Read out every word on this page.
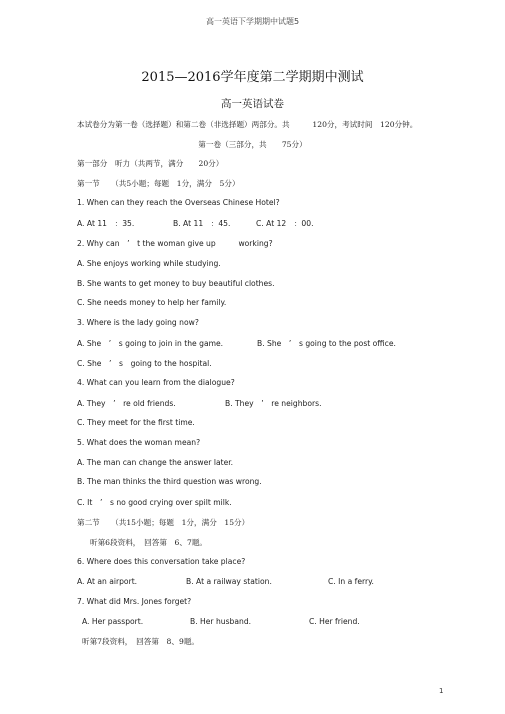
高一英语下学期期中试题5
2015—2016学年度第二学期期中测试
高一英语试卷
本试卷分为第一卷（选择题）和第二卷（非选择题）两部分。共　　　120分，考试时间　120分钟。
第一卷（三部分，共　　75分）
第一部分　听力（共两节，满分　　20分）
第一节　　（共5小题；每题　1分，满分　5分）
1. When can they reach the Overseas Chinese Hotel?
A. At 11　：35.	B. At 11　：45.	C. At 12　：00.
2. Why can　’　t the woman give up　　　working?
A. She enjoys working while studying.
B. She wants to get money to buy beautiful clothes.
C. She needs money to help her family.
3. Where is the lady going now?
A. She　’　s going to join in the game.	B. She　’　s going to the post office.
C. She　’　s　going to the hospital.
4. What can you learn from the dialogue?
A. They　’　re old friends.	B. They　’　re neighbors.
C. They meet for the first time.
5. What does the woman mean?
A. The man can change the answer later.
B. The man thinks the third question was wrong.
C. It　’　s no good crying over spilt milk.
第二节　　（共15小题；每题　1分，满分　15分）
听第6段资料，　回答第　6、7题。
6. Where does this conversation take place?
A. At an airport.	B. At a railway station.	C. In a ferry.
7. What did Mrs. Jones forget?
A. Her passport.	B. Her husband.	C. Her friend.
听第7段资料，　回答第　8、9题。
1
